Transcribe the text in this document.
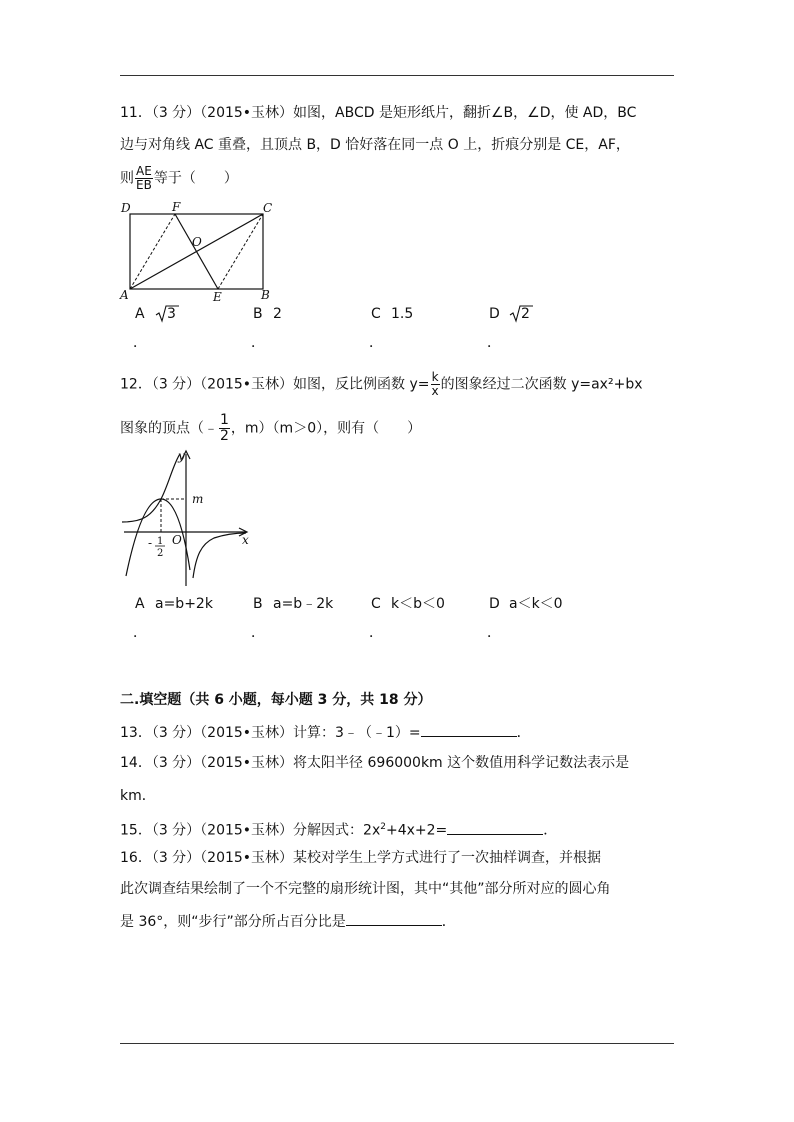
11．（3 分）（2015•玉林）如图，ABCD 是矩形纸片，翻折∠B，∠D，使 AD，BC
边与对角线 AC 重叠，且顶点 B，D 恰好落在同一点 O 上，折痕分别是 CE，AF，
则 $\frac{AE}{EB}$ 等于（　　）
D	F	C
O
A	E	B
A 3	B 2	C 1.5	D 2
．	．	．	．
12．（3 分）（2015•玉林）如图，反比例函数 $y= \frac{k}{x}$ 的图象经过二次函数 y=ax²+bx
图象的顶点（﹣ $\frac{1}{2}$ ，m）（m＞0），则有（　　）
y
x
m
O
- 1
2
A a=b+2k	B a=b﹣2k	C k＜b＜0	D a＜k＜0
．	．	．	．
二.填空题（共 6 小题，每小题 3 分，共 18 分）
13．（3 分）（2015•玉林）计算：3﹣（﹣1）=	．
14．（3 分）（2015•玉林）将太阳半径 696000km 这个数值用科学记数法表示是
km．
15．（3 分）（2015•玉林）分解因式：$2x^2+4x+2=$	．
16．（3 分）（2015•玉林）某校对学生上学方式进行了一次抽样调查，并根据
此次调查结果绘制了一个不完整的扇形统计图，其中“其他”部分所对应的圆心角
是 36°，则“步行”部分所占百分比是	．
